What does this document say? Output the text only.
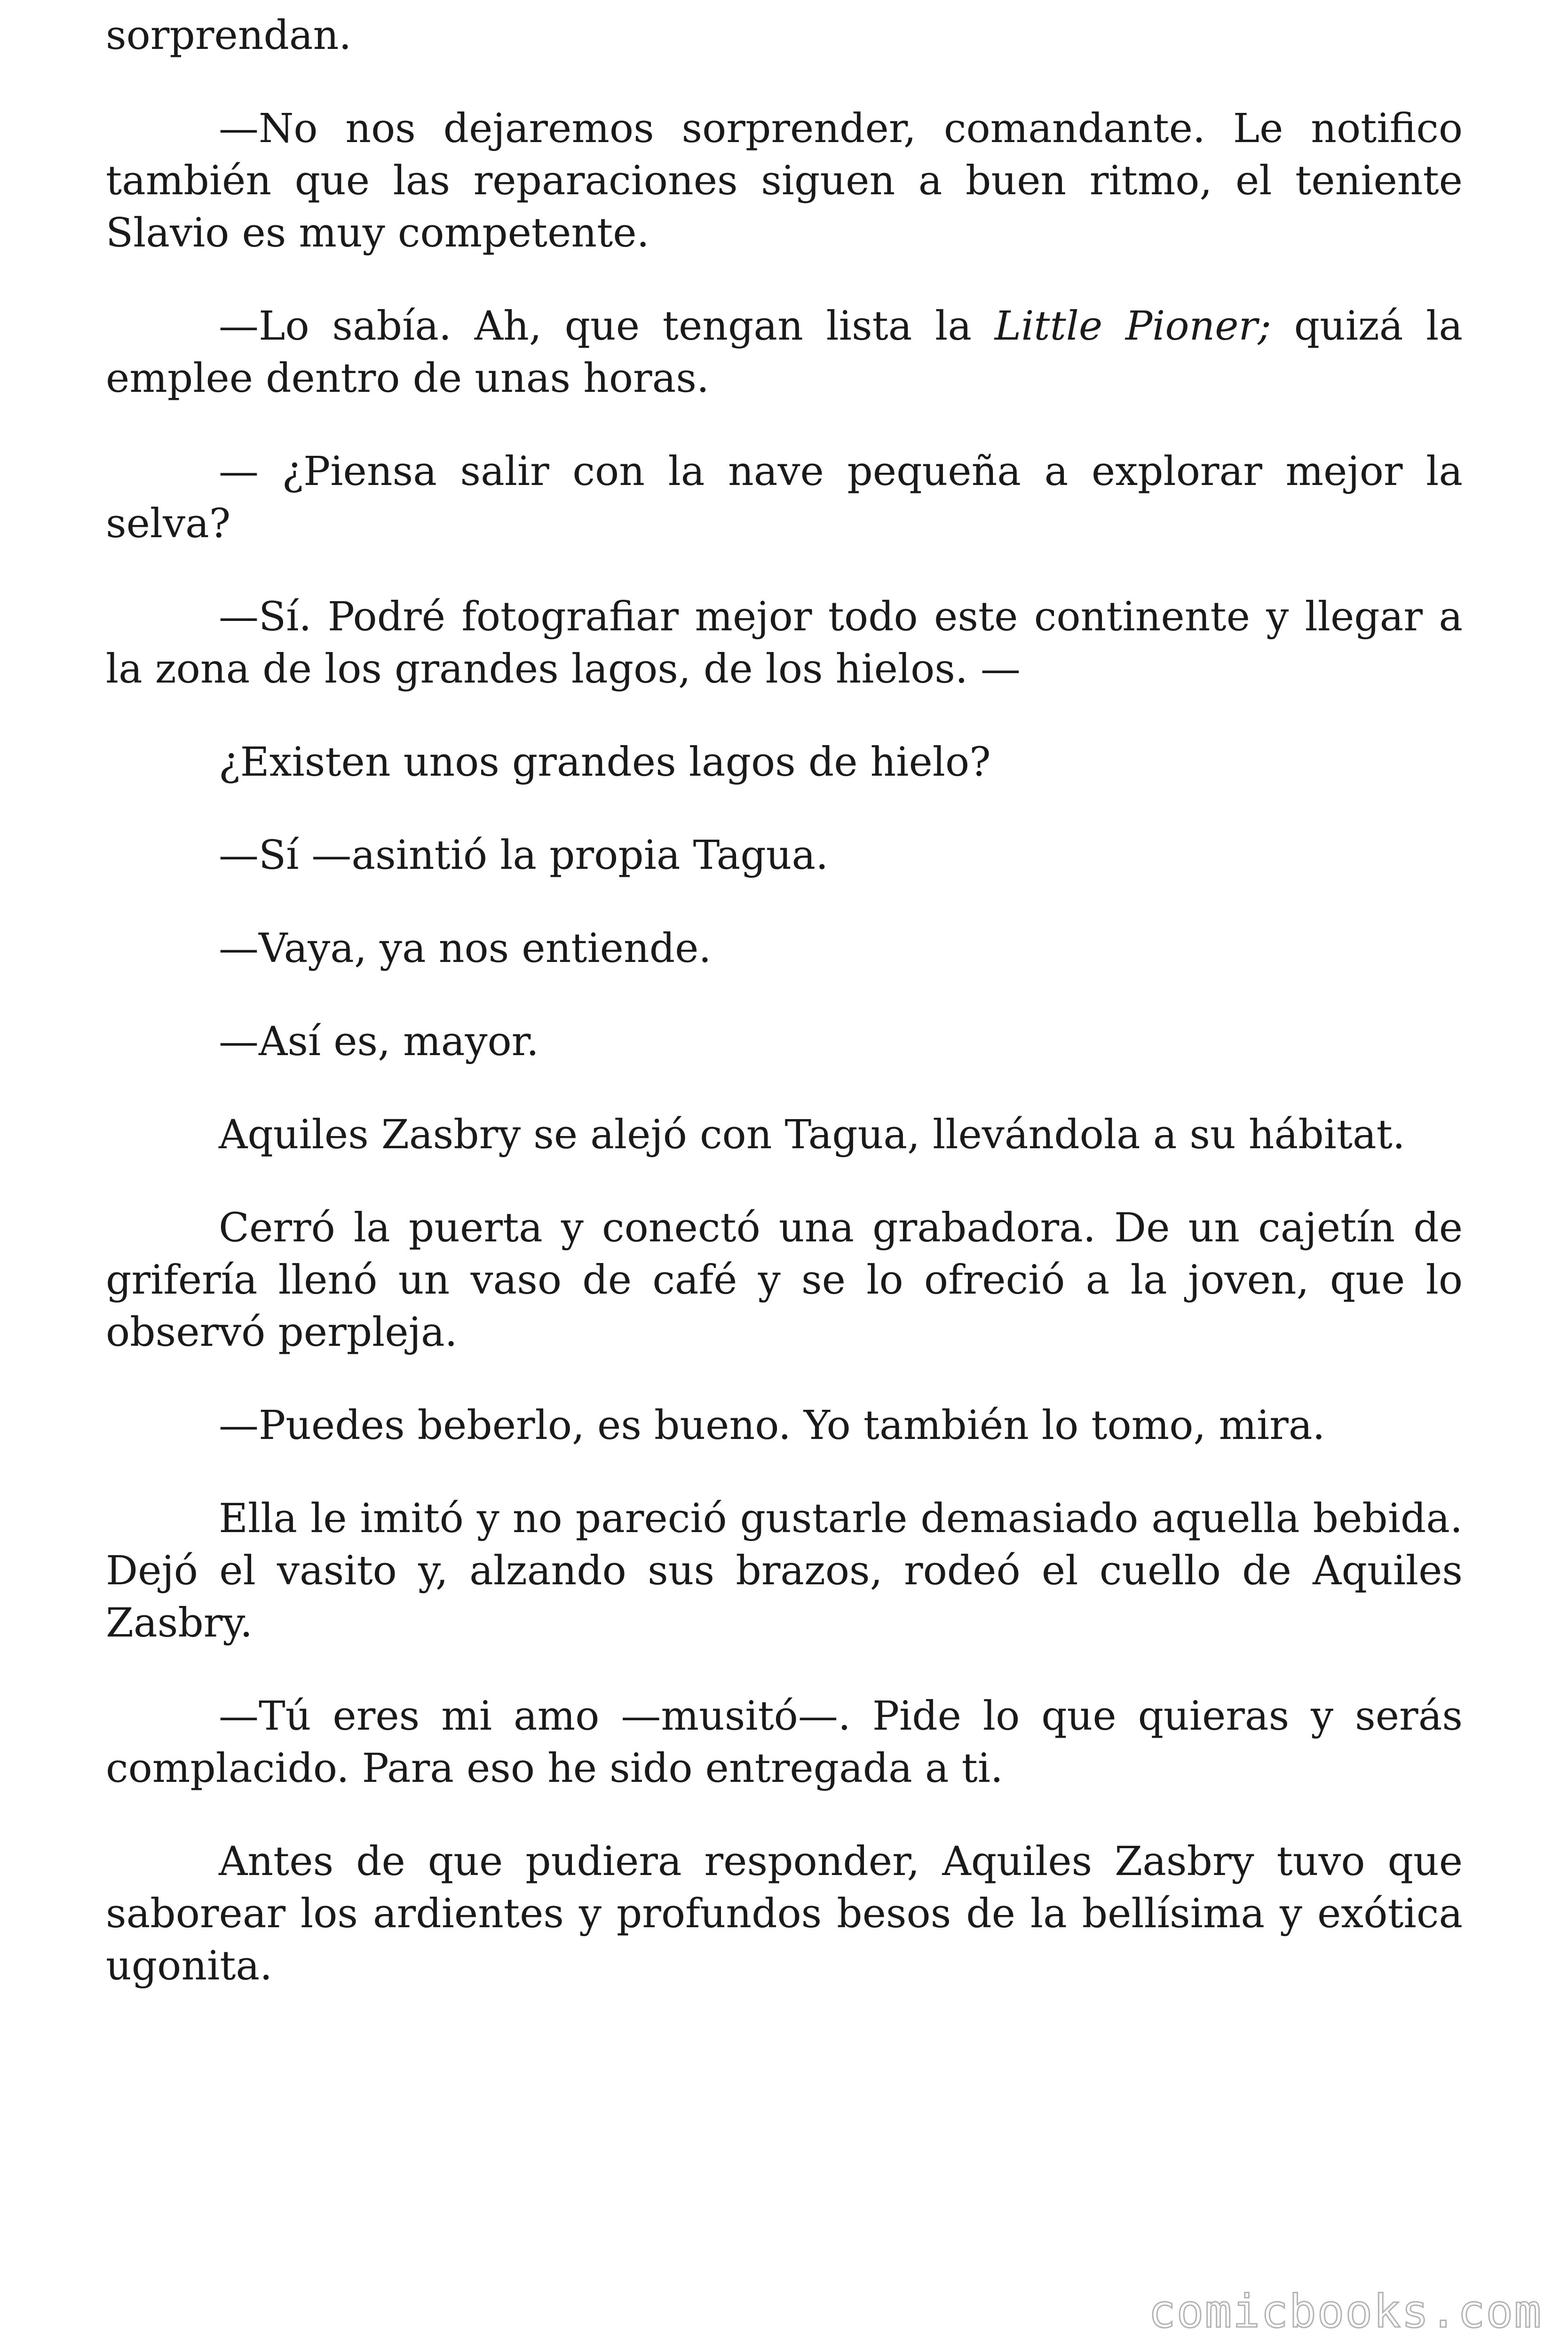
sorprendan.

—No nos dejaremos sorprender, comandante. Le notifico también que las reparaciones siguen a buen ritmo, el teniente Slavio es muy competente.

—Lo sabía. Ah, que tengan lista la Little Pioner; quizá la emplee dentro de unas horas.

— ¿Piensa salir con la nave pequeña a explorar mejor la selva?

—Sí. Podré fotografiar mejor todo este continente y llegar a la zona de los grandes lagos, de los hielos. —

¿Existen unos grandes lagos de hielo?

—Sí —asintió la propia Tagua.

—Vaya, ya nos entiende.

—Así es, mayor.

Aquiles Zasbry se alejó con Tagua, llevándola a su hábitat.

Cerró la puerta y conectó una grabadora. De un cajetín de grifería llenó un vaso de café y se lo ofreció a la joven, que lo observó perpleja.

—Puedes beberlo, es bueno. Yo también lo tomo, mira.

Ella le imitó y no pareció gustarle demasiado aquella bebida. Dejó el vasito y, alzando sus brazos, rodeó el cuello de Aquiles Zasbry.

—Tú eres mi amo —musitó—. Pide lo que quieras y serás complacido. Para eso he sido entregada a ti.

Antes de que pudiera responder, Aquiles Zasbry tuvo que saborear los ardientes y profundos besos de la bellísima y exótica ugonita.

comicbooks.com
